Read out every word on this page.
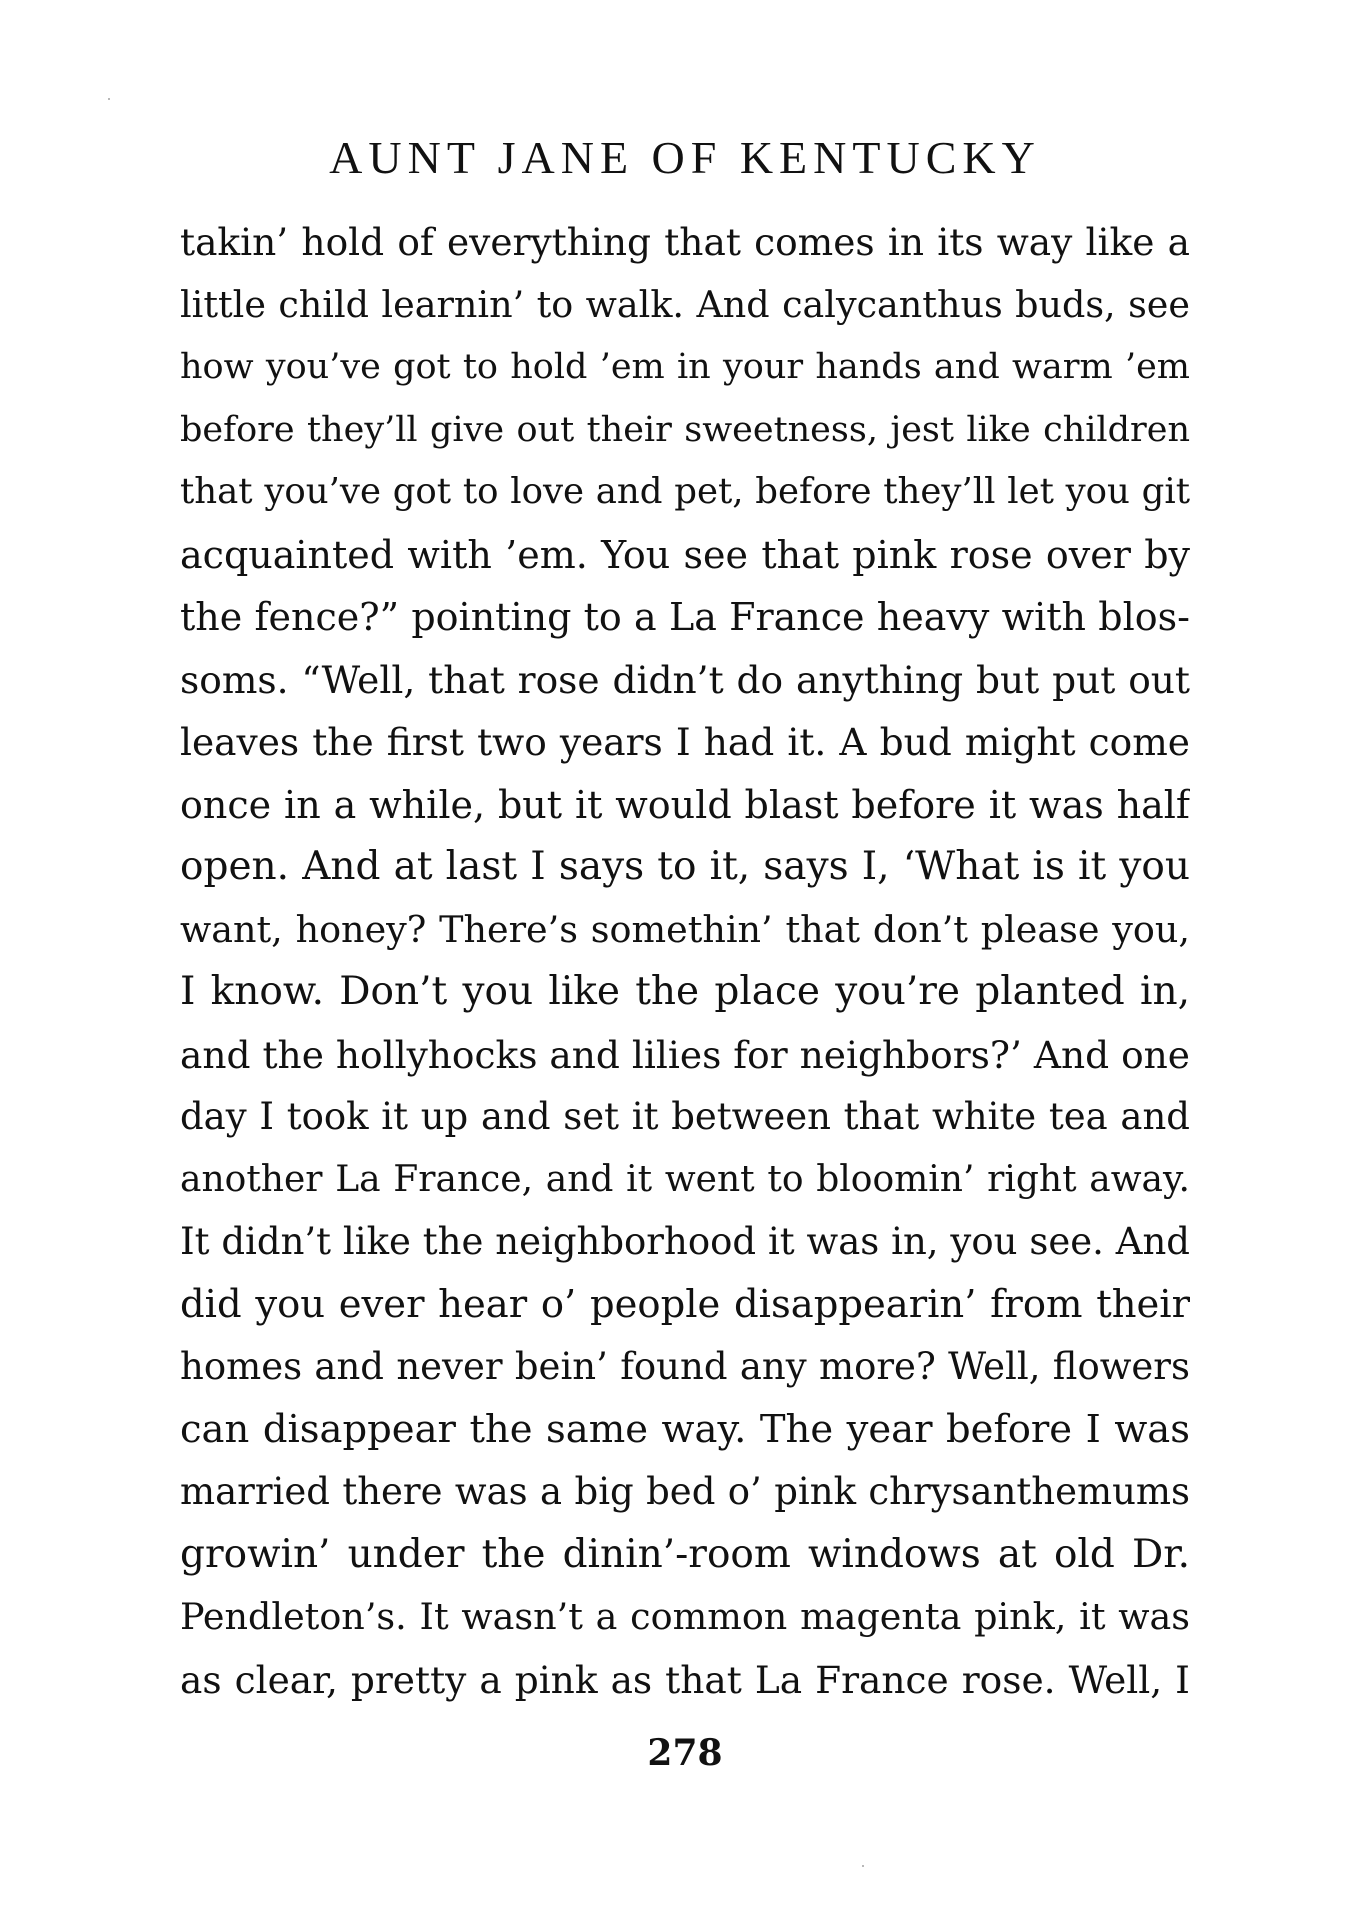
AUNT JANE OF KENTUCKY
takin’ hold of everything that comes in its way like a
little child learnin’ to walk. And calycanthus buds, see
how you’ve got to hold ’em in your hands and warm ’em
before they’ll give out their sweetness, jest like children
that you’ve got to love and pet, before they’ll let you git
acquainted with ’em. You see that pink rose over by
the fence?” pointing to a La France heavy with blos-
soms. “Well, that rose didn’t do anything but put out
leaves the first two years I had it. A bud might come
once in a while, but it would blast before it was half
open. And at last I says to it, says I, ‘What is it you
want, honey? There’s somethin’ that don’t please you,
I know. Don’t you like the place you’re planted in,
and the hollyhocks and lilies for neighbors?’ And one
day I took it up and set it between that white tea and
another La France, and it went to bloomin’ right away.
It didn’t like the neighborhood it was in, you see. And
did you ever hear o’ people disappearin’ from their
homes and never bein’ found any more? Well, flowers
can disappear the same way. The year before I was
married there was a big bed o’ pink chrysanthemums
growin’ under the dinin’-room windows at old Dr.
Pendleton’s. It wasn’t a common magenta pink, it was
as clear, pretty a pink as that La France rose. Well, I
278
